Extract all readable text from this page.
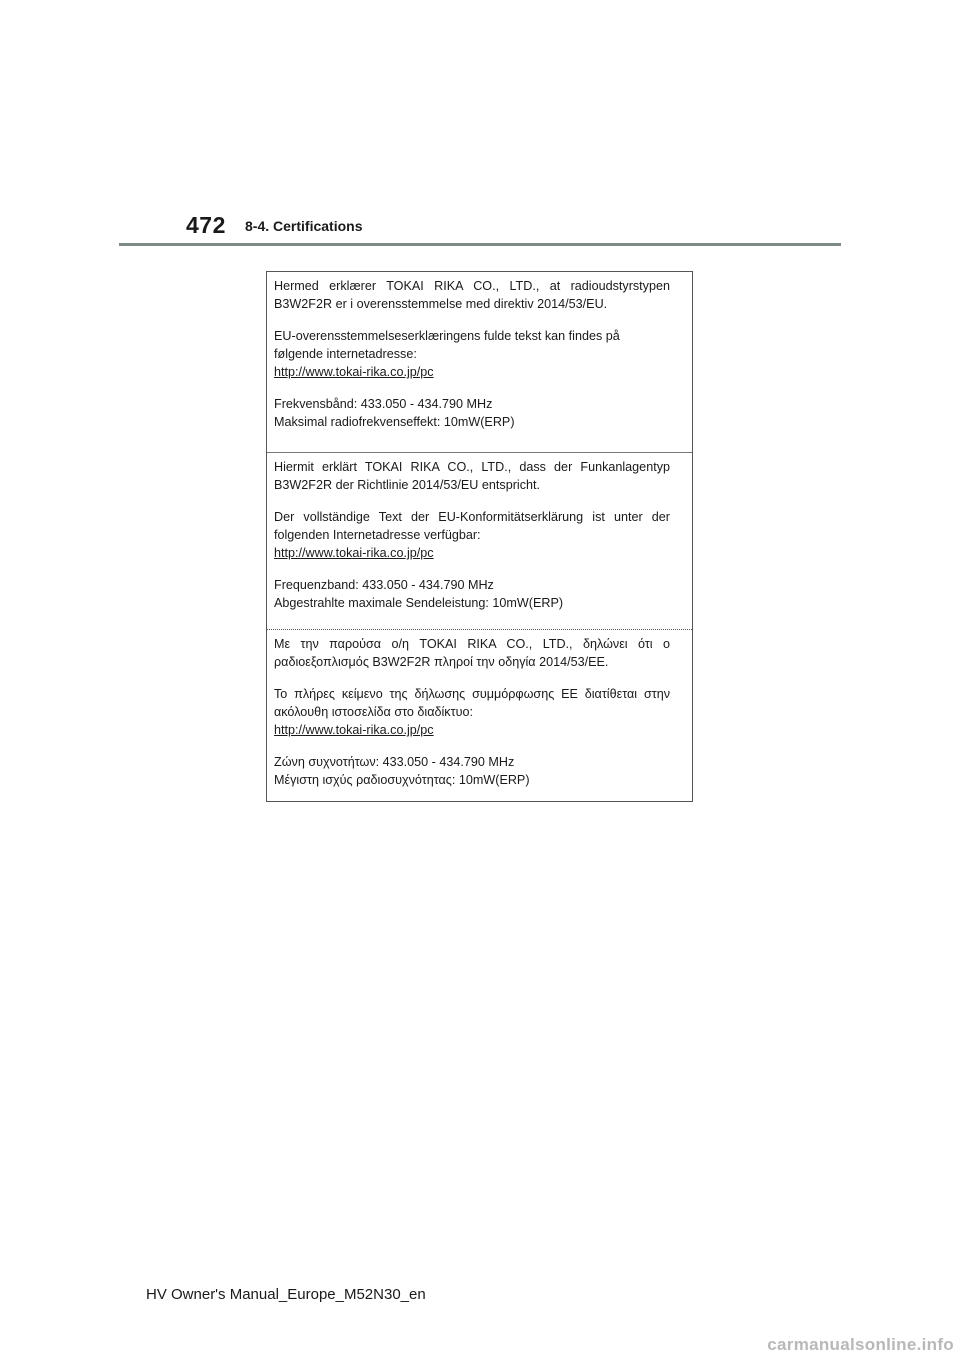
472 8-4. Certifications

Hermed erklærer TOKAI RIKA CO., LTD., at radioudstyrstypen B3W2F2R er i overensstemmelse med direktiv 2014/53/EU.

EU-overensstemmelseserklæringens fulde tekst kan findes på

følgende internetadresse:

http://www.tokai-rika.co.jp/pc

Frekvensbånd: 433.050 - 434.790 MHz

Maksimal radiofrekvenseffekt: 10mW(ERP)

Hiermit erklärt TOKAI RIKA CO., LTD., dass der Funkanlagentyp B3W2F2R der Richtlinie 2014/53/EU entspricht.

Der vollständige Text der EU-Konformitätserklärung ist unter der folgenden Internetadresse verfügbar:

http://www.tokai-rika.co.jp/pc

Frequenzband: 433.050 - 434.790 MHz

Abgestrahlte maximale Sendeleistung: 10mW(ERP)

Με την παρούσα ο/η TOKAI RIKA CO., LTD., δηλώνει ότι ο ραδιοεξοπλισμός B3W2F2R πληροί την οδηγία 2014/53/ΕΕ.

Το πλήρες κείμενο της δήλωσης συμμόρφωσης ΕΕ διατίθεται στην ακόλουθη ιστοσελίδα στο διαδίκτυο:

http://www.tokai-rika.co.jp/pc

Ζώνη συχνοτήτων: 433.050 - 434.790 MHz

Μέγιστη ισχύς ραδιοσυχνότητας: 10mW(ERP)

HV Owner's Manual_Europe_M52N30_en
carmanualsonline.info
